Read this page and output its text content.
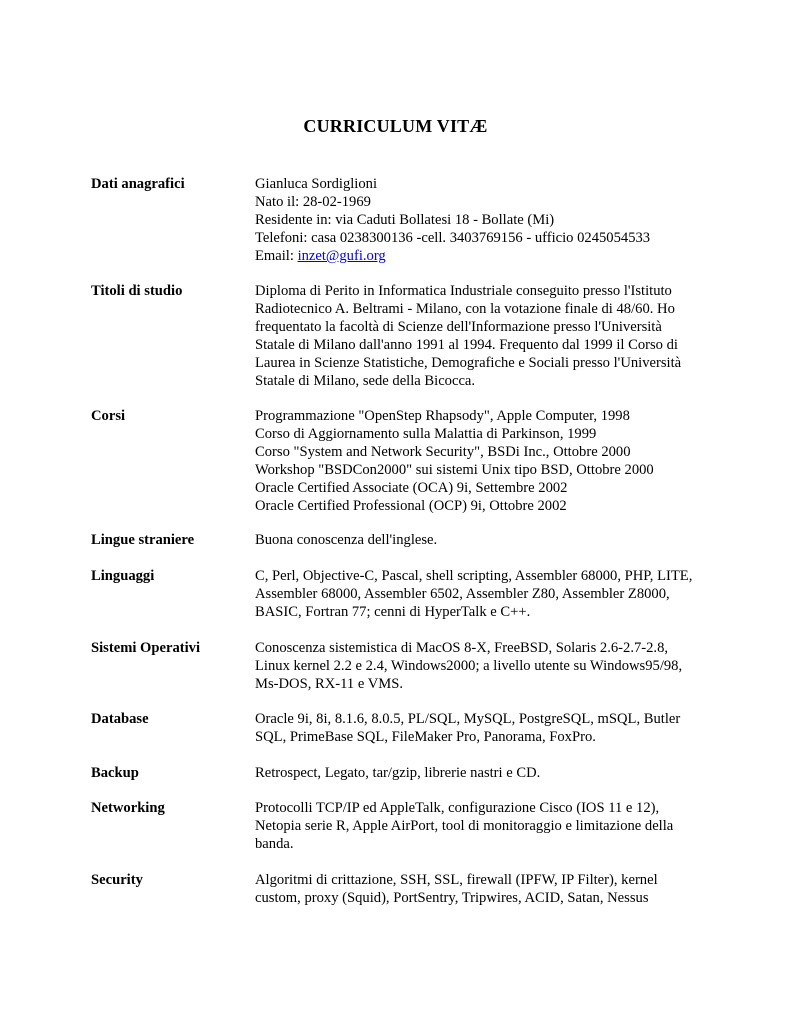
CURRICULUM VITÆ
Dati anagrafici	Gianluca Sordiglioni
Nato il: 28-02-1969
Residente in: via Caduti Bollatesi 18 - Bollate (Mi)
Telefoni: casa 0238300136 -cell. 3403769156 - ufficio 0245054533
Email: inzet@gufi.org
Titoli di studio	Diploma di Perito in Informatica Industriale conseguito presso l'Istituto Radiotecnico A. Beltrami - Milano, con la votazione finale di 48/60. Ho frequentato la facoltà di Scienze dell'Informazione presso l'Università Statale di Milano dall'anno 1991 al 1994. Frequento dal 1999 il Corso di Laurea in Scienze Statistiche, Demografiche e Sociali presso l'Università Statale di Milano, sede della Bicocca.
Corsi	Programmazione "OpenStep Rhapsody", Apple Computer, 1998
Corso di Aggiornamento sulla Malattia di Parkinson, 1999
Corso "System and Network Security", BSDi Inc., Ottobre 2000
Workshop "BSDCon2000" sui sistemi Unix tipo BSD, Ottobre 2000
Oracle Certified Associate (OCA) 9i, Settembre 2002
Oracle Certified Professional (OCP) 9i, Ottobre 2002
Lingue straniere	Buona conoscenza dell'inglese.
Linguaggi	C, Perl, Objective-C, Pascal, shell scripting, Assembler 68000, PHP, LITE, Assembler 68000, Assembler 6502, Assembler Z80, Assembler Z8000, BASIC, Fortran 77; cenni di HyperTalk e C++.
Sistemi Operativi	Conoscenza sistemistica di MacOS 8-X, FreeBSD, Solaris 2.6-2.7-2.8, Linux kernel 2.2 e 2.4, Windows2000; a livello utente su Windows95/98, Ms-DOS, RX-11 e VMS.
Database	Oracle 9i, 8i, 8.1.6, 8.0.5, PL/SQL, MySQL, PostgreSQL, mSQL, Butler SQL, PrimeBase SQL, FileMaker Pro, Panorama, FoxPro.
Backup	Retrospect, Legato, tar/gzip, librerie nastri e CD.
Networking	Protocolli TCP/IP ed AppleTalk, configurazione Cisco (IOS 11 e 12), Netopia serie R, Apple AirPort, tool di monitoraggio e limitazione della banda.
Security	Algoritmi di crittazione, SSH, SSL, firewall (IPFW, IP Filter), kernel custom, proxy (Squid), PortSentry, Tripwires, ACID, Satan, Nessus
